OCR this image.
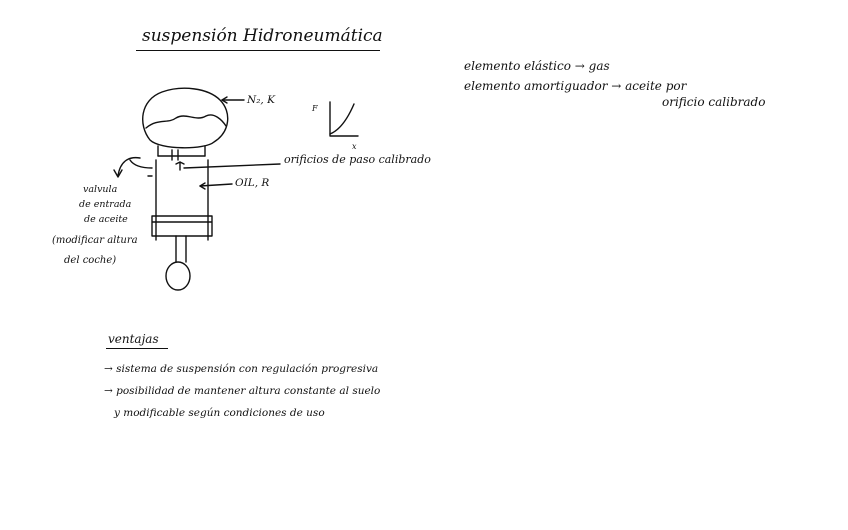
suspensión Hidroneumática
elemento elástico → gas
elemento amortiguador → aceite por
orificio calibrado
F
x
N₂, K
orificios de paso calibrado
OIL, R
valvula
de entrada
de aceite
(modificar altura
del coche)
ventajas
→ sistema de suspensión con regulación progresiva
→ posibilidad de mantener altura constante al suelo
y modificable según condiciones de uso
